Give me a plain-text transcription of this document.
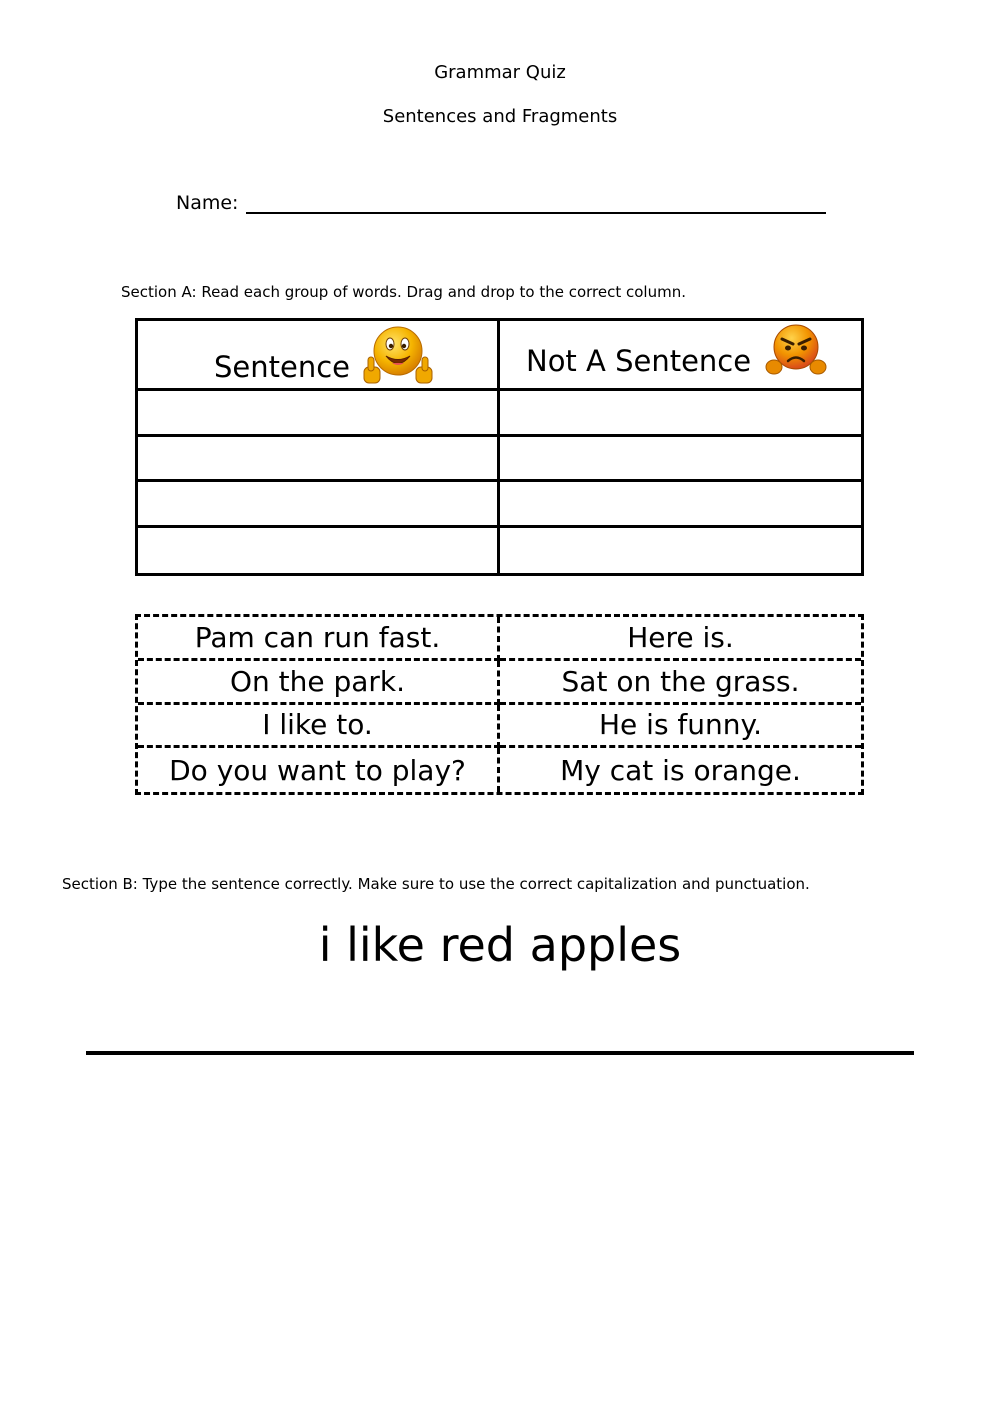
Grammar Quiz
Sentences and Fragments
Name:
Section A: Read each group of words. Drag and drop to the correct column.
Sentence	Not A Sentence
Pam can run fast.	Here is.
On the park.	Sat on the grass.
I like to.	He is funny.
Do you want to play?	My cat is orange.
Section B: Type the sentence correctly. Make sure to use the correct capitalization and punctuation.
i like red apples
